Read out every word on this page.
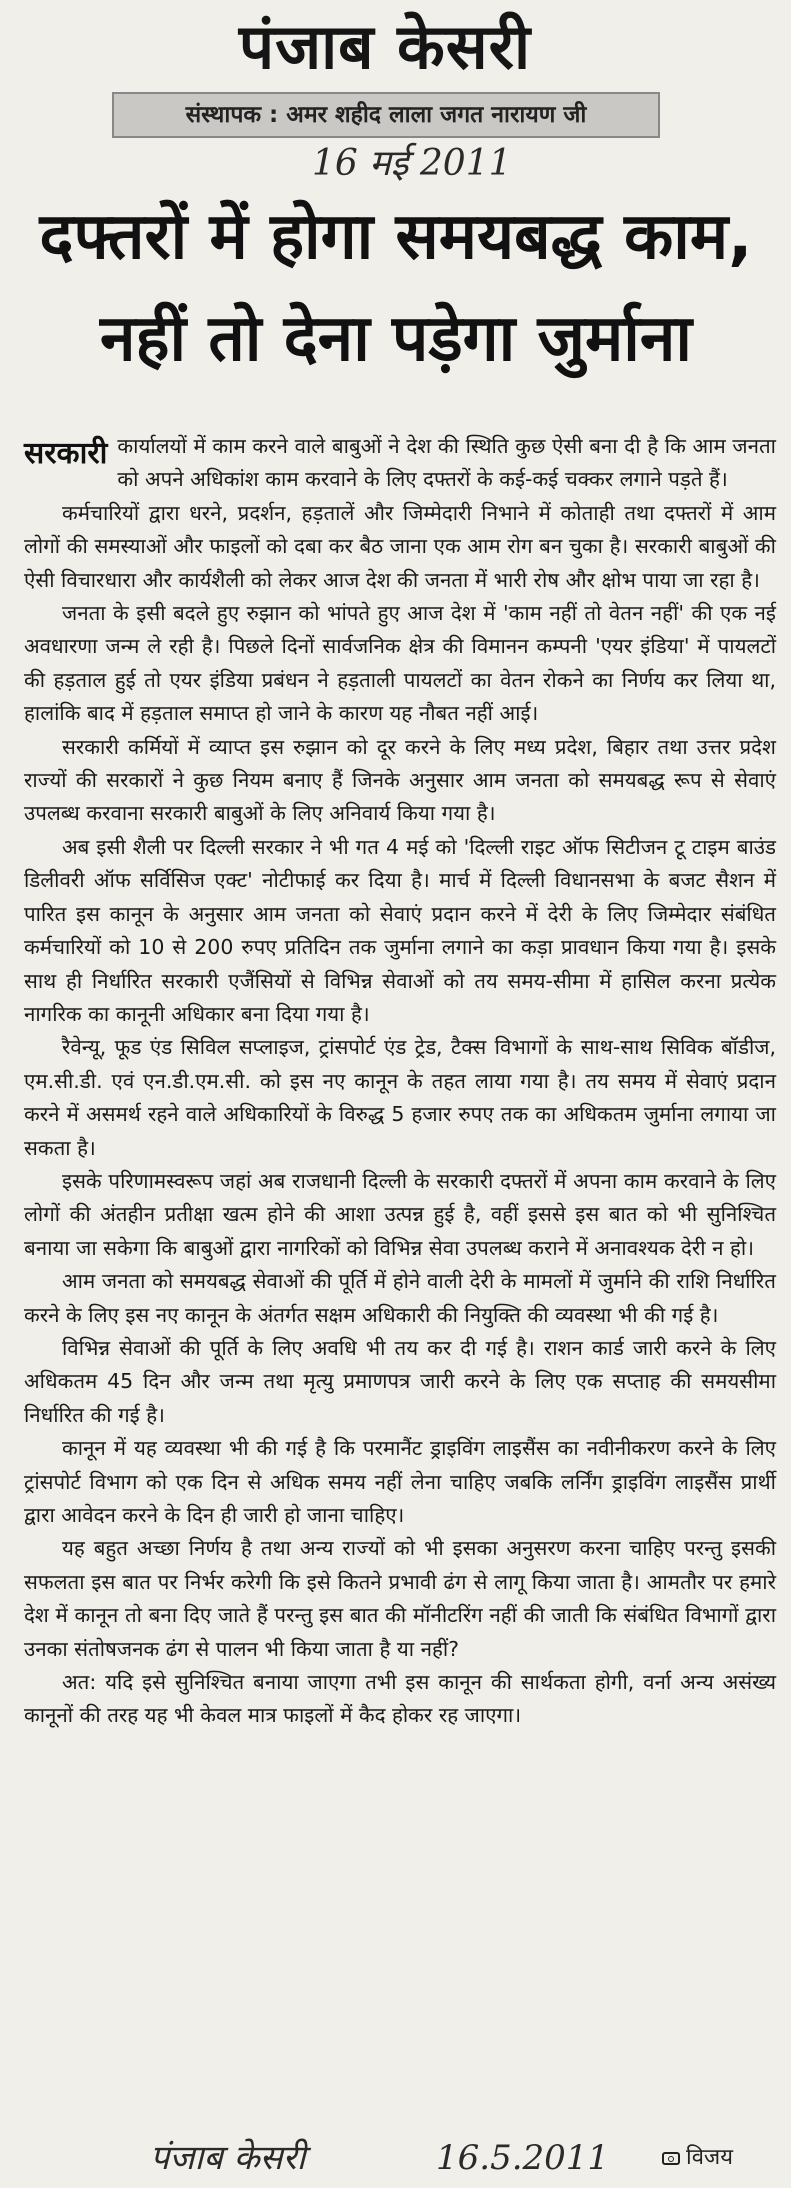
पंजाब केसरी
संस्थापक : अमर शहीद लाला जगत नारायण जी
16 मई 2011
दफ्तरों में होगा समयबद्ध काम,
नहीं तो देना पड़ेगा जुर्माना

सरकारी कार्यालयों में काम करने वाले बाबुओं ने देश की स्थिति कुछ ऐसी बना दी है कि आम जनता को अपने अधिकांश काम करवाने के लिए दफ्तरों के कई-कई चक्कर लगाने पड़ते हैं।

कर्मचारियों द्वारा धरने, प्रदर्शन, हड़तालें और जिम्मेदारी निभाने में कोताही तथा दफ्तरों में आम लोगों की समस्याओं और फाइलों को दबा कर बैठ जाना एक आम रोग बन चुका है। सरकारी बाबुओं की ऐसी विचारधारा और कार्यशैली को लेकर आज देश की जनता में भारी रोष और क्षोभ पाया जा रहा है।

जनता के इसी बदले हुए रुझान को भांपते हुए आज देश में 'काम नहीं तो वेतन नहीं' की एक नई अवधारणा जन्म ले रही है। पिछले दिनों सार्वजनिक क्षेत्र की विमानन कम्पनी 'एयर इंडिया' में पायलटों की हड़ताल हुई तो एयर इंडिया प्रबंधन ने हड़ताली पायलटों का वेतन रोकने का निर्णय कर लिया था, हालांकि बाद में हड़ताल समाप्त हो जाने के कारण यह नौबत नहीं आई।

सरकारी कर्मियों में व्याप्त इस रुझान को दूर करने के लिए मध्य प्रदेश, बिहार तथा उत्तर प्रदेश राज्यों की सरकारों ने कुछ नियम बनाए हैं जिनके अनुसार आम जनता को समयबद्ध रूप से सेवाएं उपलब्ध करवाना सरकारी बाबुओं के लिए अनिवार्य किया गया है।

अब इसी शैली पर दिल्ली सरकार ने भी गत 4 मई को 'दिल्ली राइट ऑफ सिटीजन टू टाइम बाउंड डिलीवरी ऑफ सर्विसिज एक्ट' नोटीफाई कर दिया है। मार्च में दिल्ली विधानसभा के बजट सैशन में पारित इस कानून के अनुसार आम जनता को सेवाएं प्रदान करने में देरी के लिए जिम्मेदार संबंधित कर्मचारियों को 10 से 200 रुपए प्रतिदिन तक जुर्माना लगाने का कड़ा प्रावधान किया गया है। इसके साथ ही निर्धारित सरकारी एजैंसियों से विभिन्न सेवाओं को तय समय-सीमा में हासिल करना प्रत्येक नागरिक का कानूनी अधिकार बना दिया गया है।

रैवेन्यू, फूड एंड सिविल सप्लाइज, ट्रांसपोर्ट एंड ट्रेड, टैक्स विभागों के साथ-साथ सिविक बॉडीज, एम.सी.डी. एवं एन.डी.एम.सी. को इस नए कानून के तहत लाया गया है। तय समय में सेवाएं प्रदान करने में असमर्थ रहने वाले अधिकारियों के विरुद्ध 5 हजार रुपए तक का अधिकतम जुर्माना लगाया जा सकता है।

इसके परिणामस्वरूप जहां अब राजधानी दिल्ली के सरकारी दफ्तरों में अपना काम करवाने के लिए लोगों की अंतहीन प्रतीक्षा खत्म होने की आशा उत्पन्न हुई है, वहीं इससे इस बात को भी सुनिश्चित बनाया जा सकेगा कि बाबुओं द्वारा नागरिकों को विभिन्न सेवा उपलब्ध कराने में अनावश्यक देरी न हो।

आम जनता को समयबद्ध सेवाओं की पूर्ति में होने वाली देरी के मामलों में जुर्माने की राशि निर्धारित करने के लिए इस नए कानून के अंतर्गत सक्षम अधिकारी की नियुक्ति की व्यवस्था भी की गई है।

विभिन्न सेवाओं की पूर्ति के लिए अवधि भी तय कर दी गई है। राशन कार्ड जारी करने के लिए अधिकतम 45 दिन और जन्म तथा मृत्यु प्रमाणपत्र जारी करने के लिए एक सप्ताह की समयसीमा निर्धारित की गई है।

कानून में यह व्यवस्था भी की गई है कि परमानैंट ड्राइविंग लाइसैंस का नवीनीकरण करने के लिए ट्रांसपोर्ट विभाग को एक दिन से अधिक समय नहीं लेना चाहिए जबकि लर्निंग ड्राइविंग लाइसैंस प्रार्थी द्वारा आवेदन करने के दिन ही जारी हो जाना चाहिए।

यह बहुत अच्छा निर्णय है तथा अन्य राज्यों को भी इसका अनुसरण करना चाहिए परन्तु इसकी सफलता इस बात पर निर्भर करेगी कि इसे कितने प्रभावी ढंग से लागू किया जाता है। आमतौर पर हमारे देश में कानून तो बना दिए जाते हैं परन्तु इस बात की मॉनीटरिंग नहीं की जाती कि संबंधित विभागों द्वारा उनका संतोषजनक ढंग से पालन भी किया जाता है या नहीं?

अत: यदि इसे सुनिश्चित बनाया जाएगा तभी इस कानून की सार्थकता होगी, वर्ना अन्य असंख्य कानूनों की तरह यह भी केवल मात्र फाइलों में कैद होकर रह जाएगा।

पंजाब केसरी	16.5.2011	विजय
